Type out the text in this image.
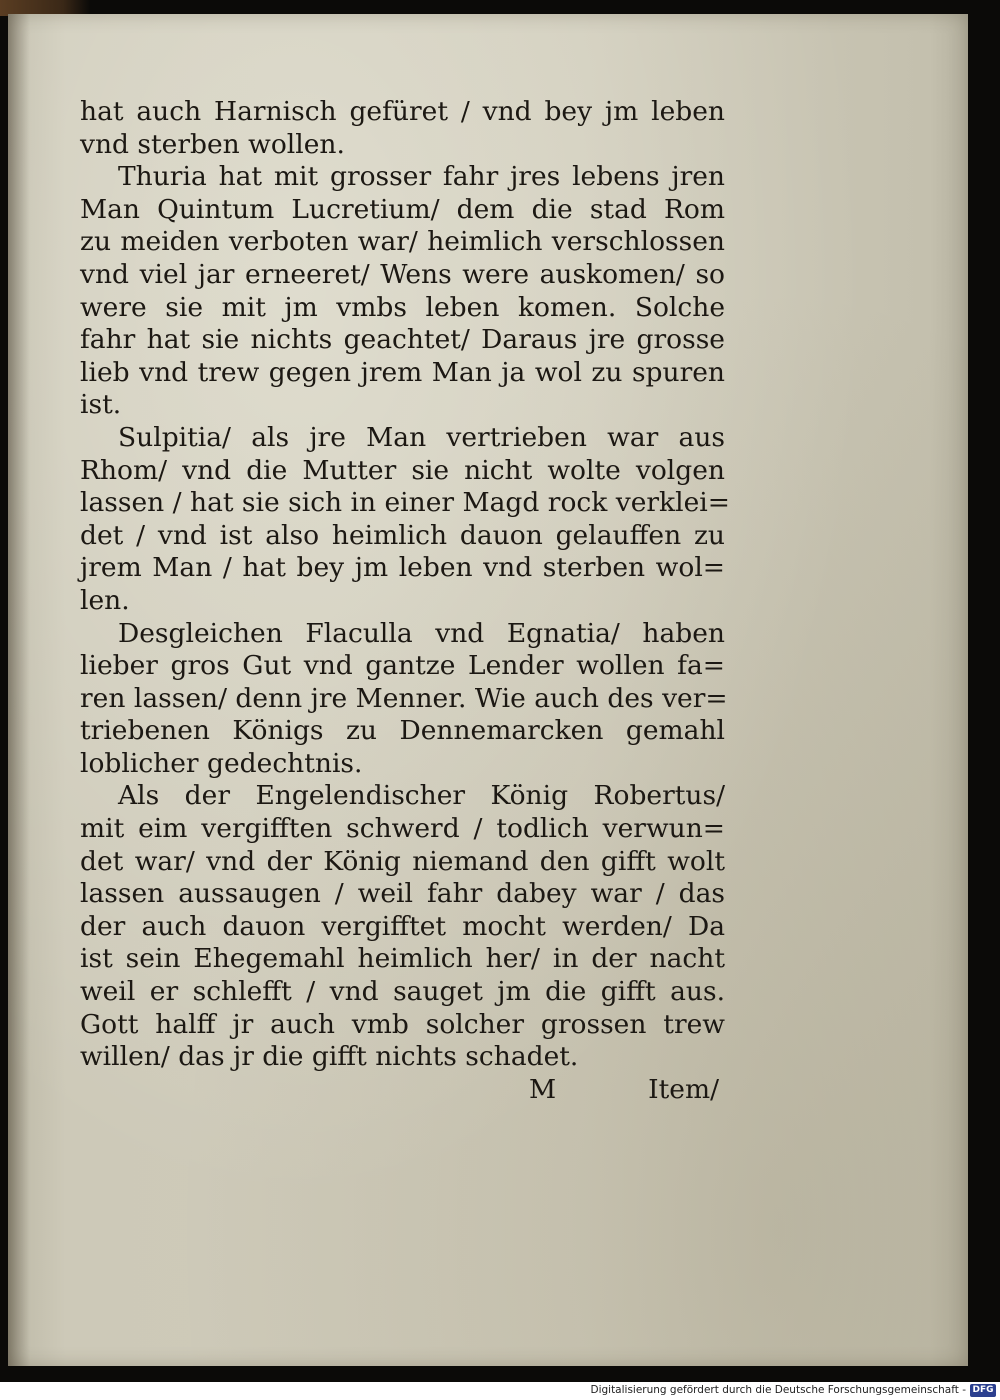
hat auch Harnisch gefüret / vnd bey jm leben
vnd sterben wollen.
Thuria hat mit grosser fahr jres lebens jren
Man Quintum Lucretium/ dem die stad Rom
zu meiden verboten war/ heimlich verschlossen
vnd viel jar erneeret/ Wens were auskomen/ so
were sie mit jm vmbs leben komen. Solche
fahr hat sie nichts geachtet/ Daraus jre grosse
lieb vnd trew gegen jrem Man ja wol zu spuren
ist.
Sulpitia/ als jre Man vertrieben war aus
Rhom/ vnd die Mutter sie nicht wolte volgen
lassen / hat sie sich in einer Magd rock verklei=
det / vnd ist also heimlich dauon gelauffen zu
jrem Man / hat bey jm leben vnd sterben wol=
len.
Desgleichen Flaculla vnd Egnatia/ haben
lieber gros Gut vnd gantze Lender wollen fa=
ren lassen/ denn jre Menner. Wie auch des ver=
triebenen Königs zu Dennemarcken gemahl
loblicher gedechtnis.
Als der Engelendischer König Robertus/
mit eim vergifften schwerd / todlich verwun=
det war/ vnd der König niemand den gifft wolt
lassen aussaugen / weil fahr dabey war / das
der auch dauon vergifftet mocht werden/ Da
ist sein Ehegemahl heimlich her/ in der nacht
weil er schlefft / vnd sauget jm die gifft aus.
Gott halff jr auch vmb solcher grossen trew
willen/ das jr die gifft nichts schadet.
M	Item/
Digitalisierung gefördert durch die Deutsche Forschungsgemeinschaft - DFG
